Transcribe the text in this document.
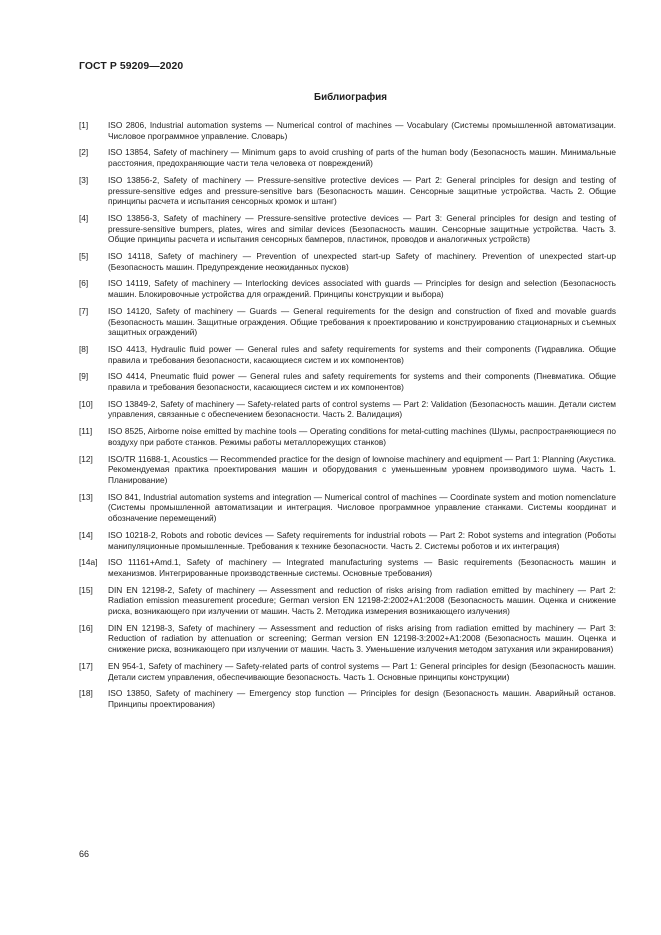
ГОСТ Р 59209—2020
Библиография
[1] ISO 2806, Industrial automation systems — Numerical control of machines — Vocabulary (Системы промышленной автоматизации. Числовое программное управление. Словарь)
[2] ISO 13854, Safety of machinery — Minimum gaps to avoid crushing of parts of the human body (Безопасность машин. Минимальные расстояния, предохраняющие части тела человека от повреждений)
[3] ISO 13856-2, Safety of machinery — Pressure-sensitive protective devices — Part 2: General principles for design and testing of pressure-sensitive edges and pressure-sensitive bars (Безопасность машин. Сенсорные защитные устройства. Часть 2. Общие принципы расчета и испытания сенсорных кромок и штанг)
[4] ISO 13856-3, Safety of machinery — Pressure-sensitive protective devices — Part 3: General principles for design and testing of pressure-sensitive bumpers, plates, wires and similar devices (Безопасность машин. Сенсорные защитные устройства. Часть 3. Общие принципы расчета и испытания сенсорных бамперов, пластинок, проводов и аналогичных устройств)
[5] ISO 14118, Safety of machinery — Prevention of unexpected start-up Safety of machinery. Prevention of unexpected start-up (Безопасность машин. Предупреждение неожиданных пусков)
[6] ISO 14119, Safety of machinery — Interlocking devices associated with guards — Principles for design and selection (Безопасность машин. Блокировочные устройства для ограждений. Принципы конструкции и выбора)
[7] ISO 14120, Safety of machinery — Guards — General requirements for the design and construction of fixed and movable guards (Безопасность машин. Защитные ограждения. Общие требования к проектированию и конструированию стационарных и съемных защитных ограждений)
[8] ISO 4413, Hydraulic fluid power — General rules and safety requirements for systems and their components (Гидравлика. Общие правила и требования безопасности, касающиеся систем и их компонентов)
[9] ISO 4414, Pneumatic fluid power — General rules and safety requirements for systems and their components (Пневматика. Общие правила и требования безопасности, касающиеся систем и их компонентов)
[10] ISO 13849-2, Safety of machinery — Safety-related parts of control systems — Part 2: Validation (Безопасность машин. Детали систем управления, связанные с обеспечением безопасности. Часть 2. Валидация)
[11] ISO 8525, Airborne noise emitted by machine tools — Operating conditions for metal-cutting machines (Шумы, распространяющиеся по воздуху при работе станков. Режимы работы металлорежущих станков)
[12] ISO/TR 11688-1, Acoustics — Recommended practice for the design of lownoise machinery and equipment — Part 1: Planning (Акустика. Рекомендуемая практика проектирования машин и оборудования с уменьшенным уровнем производимого шума. Часть 1. Планирование)
[13] ISO 841, Industrial automation systems and integration — Numerical control of machines — Coordinate system and motion nomenclature (Системы промышленной автоматизации и интеграция. Числовое программное управление станками. Системы координат и обозначение перемещений)
[14] ISO 10218-2, Robots and robotic devices — Safety requirements for industrial robots — Part 2: Robot systems and integration (Роботы манипуляционные промышленные. Требования к технике безопасности. Часть 2. Системы роботов и их интеграция)
[14a] ISO 11161+Amd.1, Safety of machinery — Integrated manufacturing systems — Basic requirements (Безопасность машин и механизмов. Интегрированные производственные системы. Основные требования)
[15] DIN EN 12198-2, Safety of machinery — Assessment and reduction of risks arising from radiation emitted by machinery — Part 2: Radiation emission measurement procedure; German version EN 12198-2:2002+A1:2008 (Безопасность машин. Оценка и снижение риска, возникающего при излучении от машин. Часть 2. Методика измерения возникающего излучения)
[16] DIN EN 12198-3, Safety of machinery — Assessment and reduction of risks arising from radiation emitted by machinery — Part 3: Reduction of radiation by attenuation or screening; German version EN 12198-3:2002+A1:2008 (Безопасность машин. Оценка и снижение риска, возникающего при излучении от машин. Часть 3. Уменьшение излучения методом затухания или экранирования)
[17] EN 954-1, Safety of machinery — Safety-related parts of control systems — Part 1: General principles for design (Безопасность машин. Детали систем управления, обеспечивающие безопасность. Часть 1. Основные принципы конструкции)
[18] ISO 13850, Safety of machinery — Emergency stop function — Principles for design (Безопасность машин. Аварийный останов. Принципы проектирования)
66
